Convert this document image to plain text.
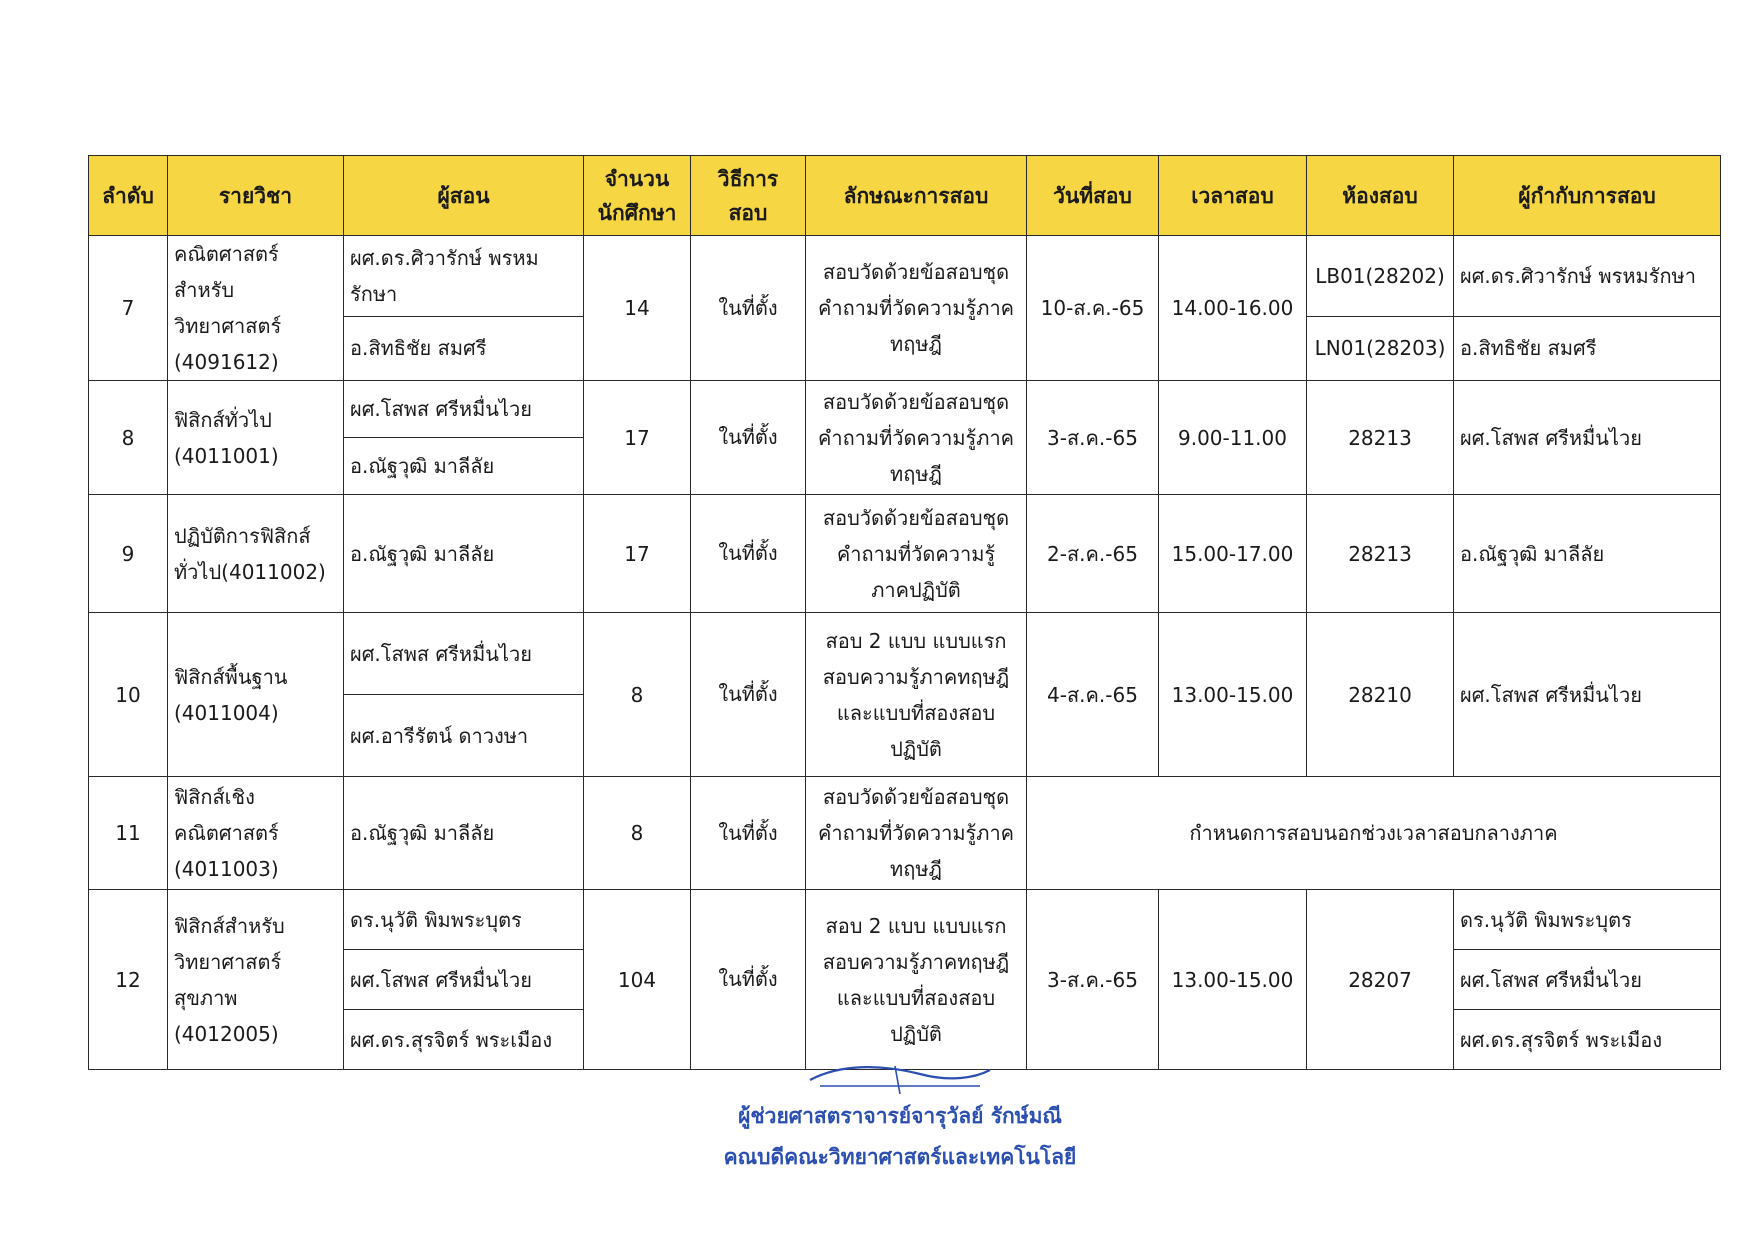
ลำดับ	รายวิชา	ผู้สอน	จำนวน
นักศึกษา	วิธีการ
สอบ	ลักษณะการสอบ	วันที่สอบ	เวลาสอบ	ห้องสอบ	ผู้กำกับการสอบ
7	คณิตศาสตร์สำหรับ
วิทยาศาสตร์
(4091612)	ผศ.ดร.ศิวารักษ์ พรหมรักษา	14	ในที่ตั้ง	สอบวัดด้วยข้อสอบชุด
คำถามที่วัดความรู้ภาค
ทฤษฎี	10-ส.ค.-65	14.00-16.00	LB01(28202)	ผศ.ดร.ศิวารักษ์ พรหมรักษา
		อ.สิทธิชัย สมศรี						LN01(28203)	อ.สิทธิชัย สมศรี
8	ฟิสิกส์ทั่วไป
(4011001)	ผศ.โสพส ศรีหมื่นไวย	17	ในที่ตั้ง	สอบวัดด้วยข้อสอบชุด
คำถามที่วัดความรู้ภาค
ทฤษฎี	3-ส.ค.-65	9.00-11.00	28213	ผศ.โสพส ศรีหมื่นไวย
		อ.ณัฐวุฒิ มาลีลัย							
9	ปฏิบัติการฟิสิกส์
ทั่วไป(4011002)	อ.ณัฐวุฒิ มาลีลัย	17	ในที่ตั้ง	สอบวัดด้วยข้อสอบชุด
คำถามที่วัดความรู้
ภาคปฏิบัติ	2-ส.ค.-65	15.00-17.00	28213	อ.ณัฐวุฒิ มาลีลัย
10	ฟิสิกส์พื้นฐาน
(4011004)	ผศ.โสพส ศรีหมื่นไวย	8	ในที่ตั้ง	สอบ 2 แบบ แบบแรก
สอบความรู้ภาคทฤษฎี
และแบบที่สองสอบ
ปฏิบัติ	4-ส.ค.-65	13.00-15.00	28210	ผศ.โสพส ศรีหมื่นไวย
		ผศ.อารีรัตน์ ดาวงษา							
11	ฟิสิกส์เชิง
คณิตศาสตร์
(4011003)	อ.ณัฐวุฒิ มาลีลัย	8	ในที่ตั้ง	สอบวัดด้วยข้อสอบชุด
คำถามที่วัดความรู้ภาค
ทฤษฎี	กำหนดการสอบนอกช่วงเวลาสอบกลางภาค			
12	ฟิสิกส์สำหรับ
วิทยาศาสตร์
สุขภาพ
(4012005)	ดร.นุวัติ พิมพระบุตร	104	ในที่ตั้ง	สอบ 2 แบบ แบบแรก
สอบความรู้ภาคทฤษฎี
และแบบที่สองสอบ
ปฏิบัติ	3-ส.ค.-65	13.00-15.00	28207	ดร.นุวัติ พิมพระบุตร
		ผศ.โสพส ศรีหมื่นไวย							ผศ.โสพส ศรีหมื่นไวย
		ผศ.ดร.สุรจิตร์ พระเมือง							ผศ.ดร.สุรจิตร์ พระเมือง
ผู้ช่วยศาสตราจารย์จารุวัลย์ รักษ์มณี
คณบดีคณะวิทยาศาสตร์และเทคโนโลยี
